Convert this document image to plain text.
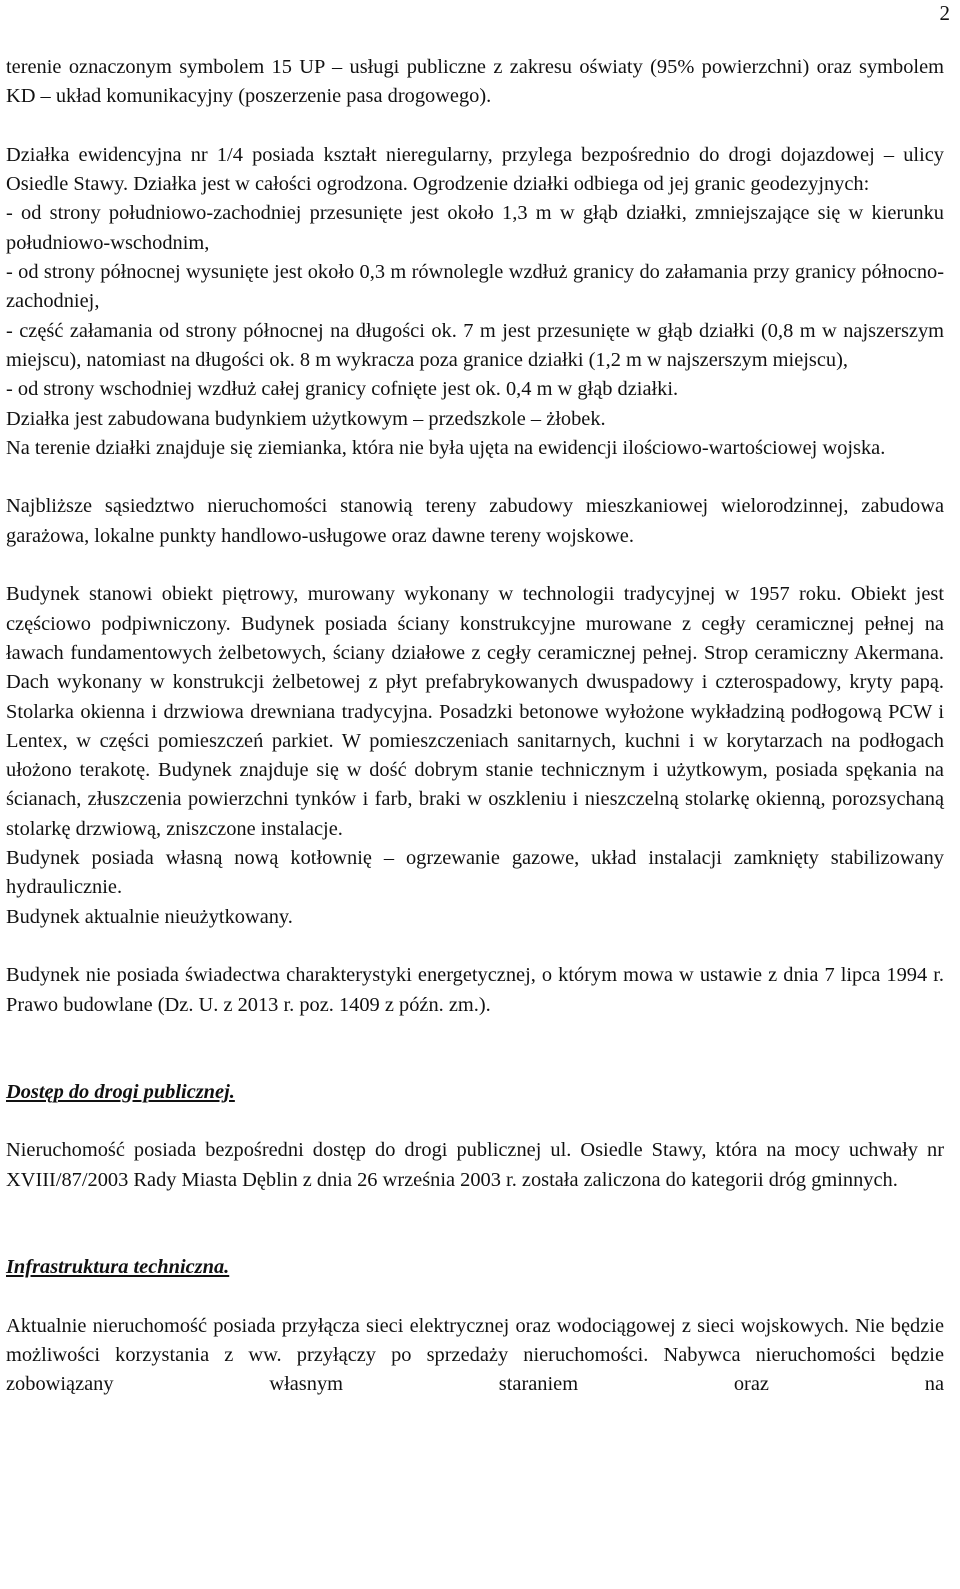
2

terenie oznaczonym symbolem 15 UP – usługi publiczne z zakresu oświaty (95% powierzchni) oraz symbolem KD – układ komunikacyjny (poszerzenie pasa drogowego).

Działka ewidencyjna nr 1/4 posiada kształt nieregularny, przylega bezpośrednio do drogi dojazdowej – ulicy Osiedle Stawy. Działka jest w całości ogrodzona. Ogrodzenie działki odbiega od jej granic geodezyjnych:

- od strony południowo-zachodniej przesunięte jest około 1,3 m w głąb działki, zmniejszające się w kierunku południowo-wschodnim,

- od strony północnej wysunięte jest około 0,3 m równolegle wzdłuż granicy do załamania przy granicy północno-zachodniej,

- część załamania od strony północnej na długości ok. 7 m jest przesunięte w głąb działki (0,8 m w najszerszym miejscu), natomiast na długości ok. 8 m wykracza poza granice działki (1,2 m w najszerszym miejscu),

- od strony wschodniej wzdłuż całej granicy cofnięte jest ok. 0,4 m w głąb działki.

Działka jest zabudowana budynkiem użytkowym – przedszkole – żłobek.

Na terenie działki znajduje się ziemianka, która nie była ujęta na ewidencji ilościowo-wartościowej wojska.

Najbliższe sąsiedztwo nieruchomości stanowią tereny zabudowy mieszkaniowej wielorodzinnej, zabudowa garażowa, lokalne punkty handlowo-usługowe oraz dawne tereny wojskowe.

Budynek stanowi obiekt piętrowy, murowany wykonany w technologii tradycyjnej w 1957 roku. Obiekt jest częściowo podpiwniczony. Budynek posiada ściany konstrukcyjne murowane z cegły ceramicznej pełnej na ławach fundamentowych żelbetowych, ściany działowe z cegły ceramicznej pełnej. Strop ceramiczny Akermana. Dach wykonany w konstrukcji żelbetowej z płyt prefabrykowanych dwuspadowy i czterospadowy, kryty papą. Stolarka okienna i drzwiowa drewniana tradycyjna. Posadzki betonowe wyłożone wykładziną podłogową PCW i Lentex, w części pomieszczeń parkiet. W pomieszczeniach sanitarnych, kuchni i w korytarzach na podłogach ułożono terakotę. Budynek znajduje się w dość dobrym stanie technicznym i użytkowym, posiada spękania na ścianach, złuszczenia powierzchni tynków i farb, braki w oszkleniu i nieszczelną stolarkę okienną, porozsychaną stolarkę drzwiową, zniszczone instalacje.

Budynek posiada własną nową kotłownię – ogrzewanie gazowe, układ instalacji zamknięty stabilizowany hydraulicznie.

Budynek aktualnie nieużytkowany.

Budynek nie posiada świadectwa charakterystyki energetycznej, o którym mowa w ustawie z dnia 7 lipca 1994 r. Prawo budowlane (Dz. U. z 2013 r. poz. 1409 z późn. zm.).

Dostęp do drogi publicznej.

Nieruchomość posiada bezpośredni dostęp do drogi publicznej ul. Osiedle Stawy, która na mocy uchwały nr XVIII/87/2003 Rady Miasta Dęblin z dnia 26 września 2003 r. została zaliczona do kategorii dróg gminnych.

Infrastruktura techniczna.

Aktualnie nieruchomość posiada przyłącza sieci elektrycznej oraz wodociągowej z sieci wojskowych. Nie będzie możliwości korzystania z ww. przyłączy po sprzedaży nieruchomości. Nabywca nieruchomości będzie zobowiązany własnym staraniem oraz na
